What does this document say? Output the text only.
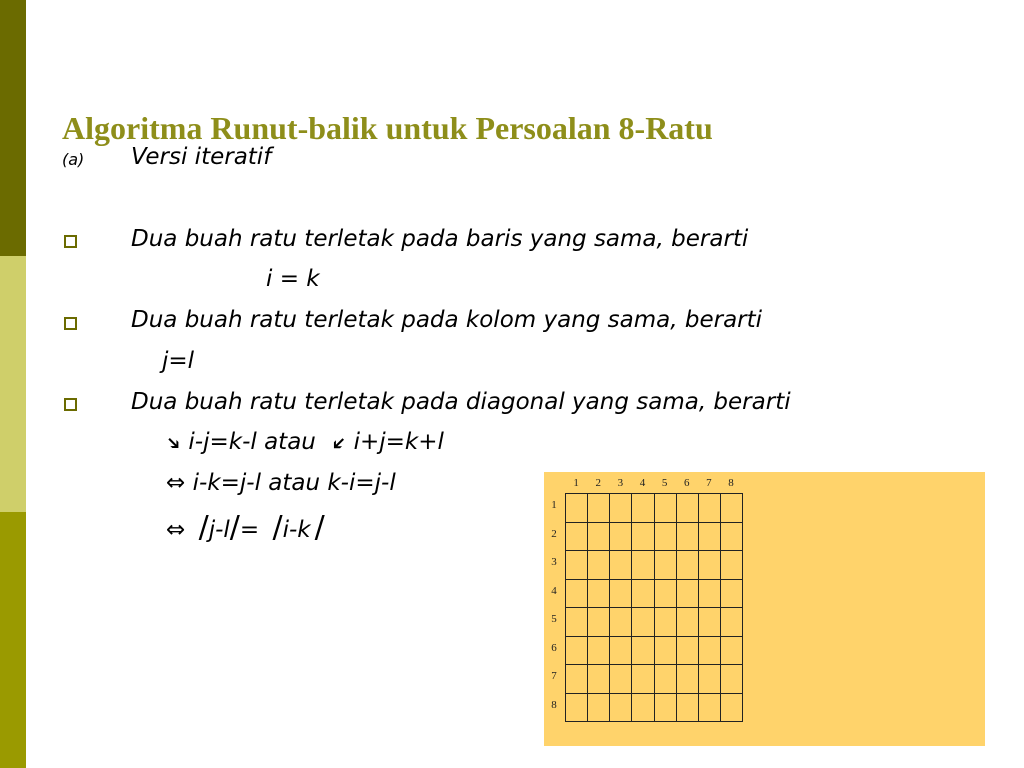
Algoritma Runut-balik untuk Persoalan 8-Ratu
(a) Versi iteratif
Dua buah ratu terletak pada baris yang sama, berarti
i = k
Dua buah ratu terletak pada kolom yang sama, berarti
j=l
Dua buah ratu terletak pada diagonal yang sama, berarti
➔ i-j=k-l atau ➔ i+j=k+l
⇔ i-k=j-l atau k-i=j-l
⇔ /j-l/= /i-k /
1	2	3	4	5	6	7	8
1
2
3
4
5
6
7
8
